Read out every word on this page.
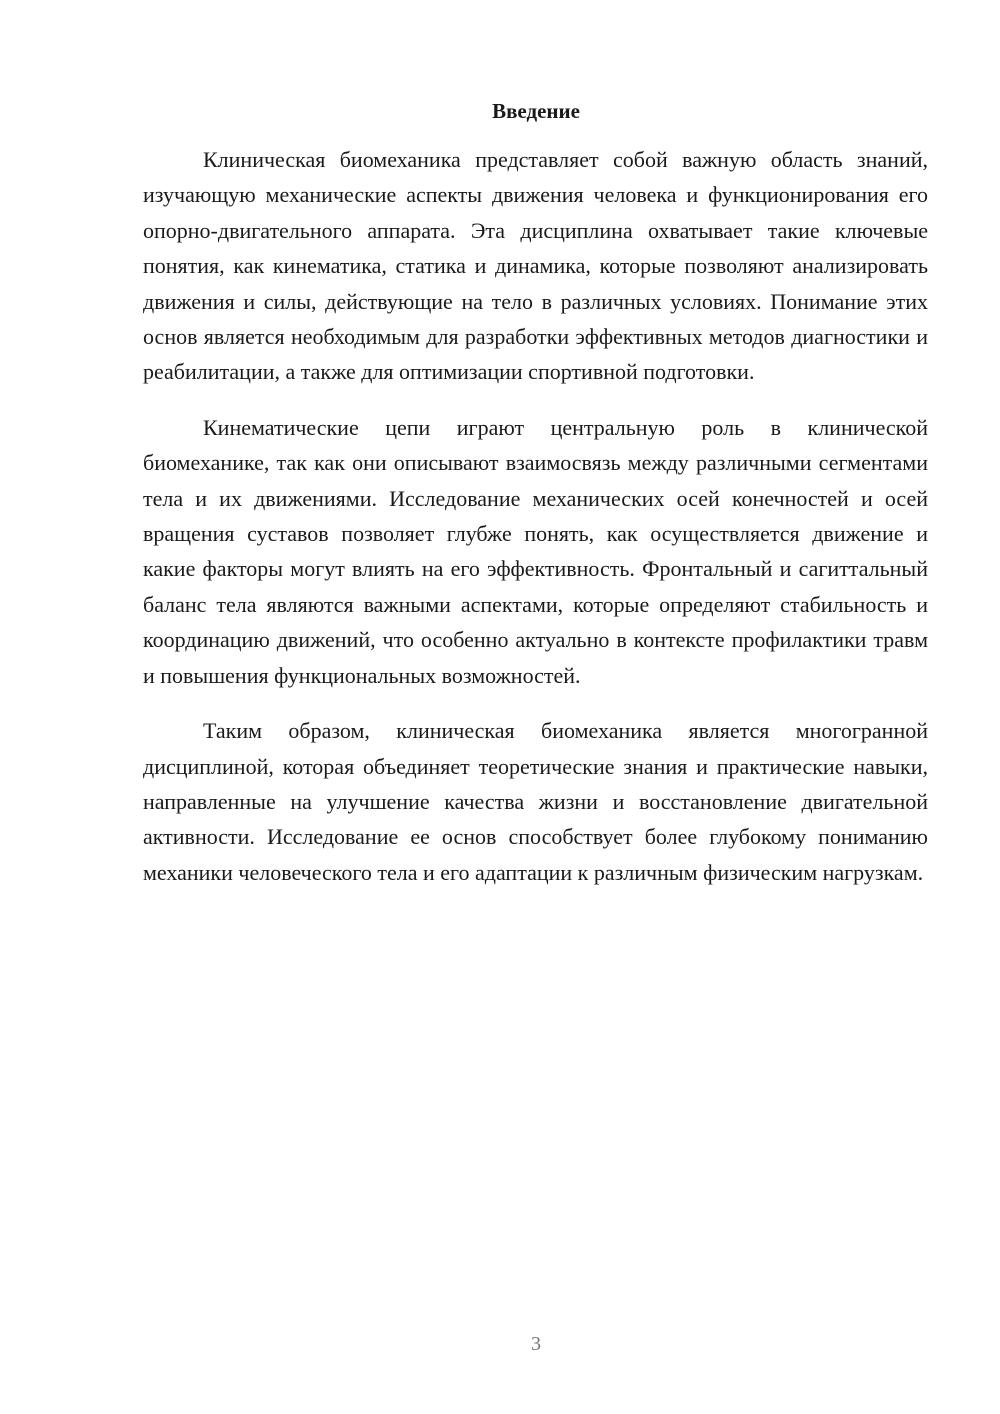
Введение

Клиническая биомеханика представляет собой важную область знаний, изучающую механические аспекты движения человека и функционирования его опорно-двигательного аппарата. Эта дисциплина охватывает такие ключевые понятия, как кинематика, статика и динамика, которые позволяют анализировать движения и силы, действующие на тело в различных условиях. Понимание этих основ является необходимым для разработки эффективных методов диагностики и реабилитации, а также для оптимизации спортивной подготовки.

Кинематические цепи играют центральную роль в клинической биомеханике, так как они описывают взаимосвязь между различными сегментами тела и их движениями. Исследование механических осей конечностей и осей вращения суставов позволяет глубже понять, как осуществляется движение и какие факторы могут влиять на его эффективность. Фронтальный и сагиттальный баланс тела являются важными аспектами, которые определяют стабильность и координацию движений, что особенно актуально в контексте профилактики травм и повышения функциональных возможностей.

Таким образом, клиническая биомеханика является многогранной дисциплиной, которая объединяет теоретические знания и практические навыки, направленные на улучшение качества жизни и восстановление двигательной активности. Исследование ее основ способствует более глубокому пониманию механики человеческого тела и его адаптации к различным физическим нагрузкам.

3
